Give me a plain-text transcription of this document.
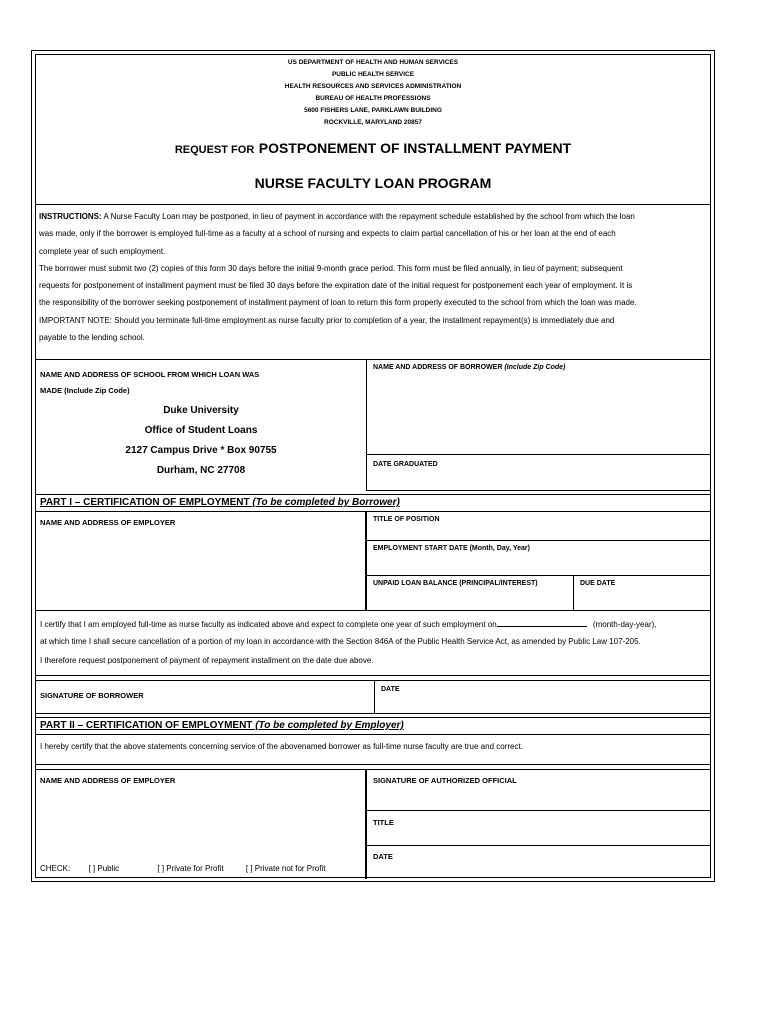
US DEPARTMENT OF HEALTH AND HUMAN SERVICES
PUBLIC HEALTH SERVICE
HEALTH RESOURCES AND SERVICES ADMINISTRATION
BUREAU OF HEALTH PROFESSIONS
5600 FISHERS LANE, PARKLAWN BUILDING
ROCKVILLE, MARYLAND 20857
REQUEST FOR POSTPONEMENT OF INSTALLMENT PAYMENT
NURSE FACULTY LOAN PROGRAM

INSTRUCTIONS: A Nurse Faculty Loan may be postponed, in lieu of payment in accordance with the repayment schedule established by the school from which the loan

was made, only if the borrower is employed full-time as a faculty at a school of nursing and expects to claim partial cancellation of his or her loan at the end of each

complete year of such employment.

The borrower must submit two (2) copies of this form 30 days before the initial 9-month grace period. This form must be filed annually, in lieu of payment; subsequent

requests for postponement of installment payment must be filed 30 days before the expiration date of the initial request for postponement each year of employment. It is

the responsibility of the borrower seeking postponement of installment payment of loan to return this form properly executed to the school from which the loan was made.

IMPORTANT NOTE: Should you terminate full-time employment as nurse faculty prior to completion of a year, the installment repayment(s) is immediately due and

payable to the lending school.

NAME AND ADDRESS OF SCHOOL FROM WHICH LOAN WAS
MADE (Include Zip Code)
Duke University
Office of Student Loans
2127 Campus Drive * Box 90755
Durham, NC 27708
NAME AND ADDRESS OF BORROWER (Include Zip Code)
DATE GRADUATED
PART I – CERTIFICATION OF EMPLOYMENT (To be completed by Borrower)
NAME AND ADDRESS OF EMPLOYER	TITLE OF POSITION
EMPLOYMENT START DATE (Month, Day, Year)
UNPAID LOAN BALANCE (PRINCIPAL/INTEREST)	DUE DATE
I certify that I am employed full-time as nurse faculty as indicated above and expect to complete one year of such employment on	(month-day-year),
at which time I shall secure cancellation of a portion of my loan in accordance with the Section 846A of the Public Health Service Act, as amended by Public Law 107-205.
I therefore request postponement of payment of repayment installment on the date due above.
SIGNATURE OF BORROWER
DATE
PART II – CERTIFICATION OF EMPLOYMENT (To be completed by Employer)
I hereby certify that the above statements concerning service of the abovenamed borrower as full-time nurse faculty are true and correct.
NAME AND ADDRESS OF EMPLOYER
CHECK: [ ] Public	[ ] Private for Profit	[ ] Private not for Profit
SIGNATURE OF AUTHORIZED OFFICIAL
TITLE
DATE
